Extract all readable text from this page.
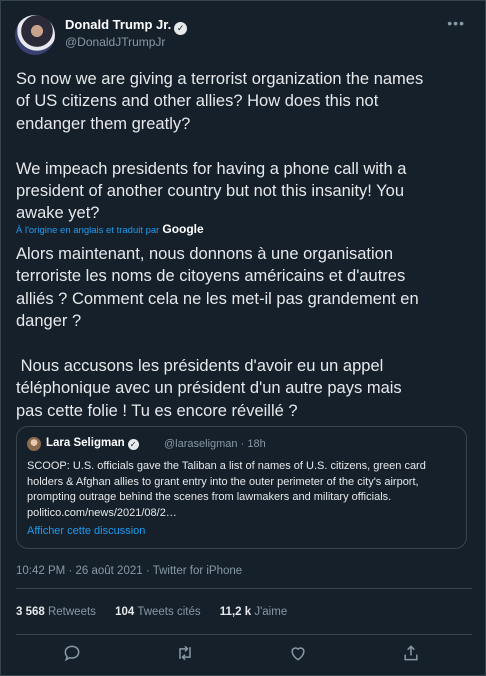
Donald Trump Jr. ✓
@DonaldJTrumpJr
•••
So now we are giving a terrorist organization the names
of US citizens and other allies? How does this not
endanger them greatly?

We impeach presidents for having a phone call with a
president of another country but not this insanity! You
awake yet?
À l'origine en anglais et traduit par Google
Alors maintenant, nous donnons à une organisation
terroriste les noms de citoyens américains et d'autres
alliés ? Comment cela ne les met-il pas grandement en
danger ?

Nous accusons les présidents d'avoir eu un appel
téléphonique avec un président d'un autre pays mais
pas cette folie ! Tu es encore réveillé ?
Lara Seligman ✓	@laraseligman · 18h
SCOOP: U.S. officials gave the Taliban a list of names of U.S. citizens, green card holders & Afghan allies to grant entry into the outer perimeter of the city's airport, prompting outrage behind the scenes from lawmakers and military officials. politico.com/news/2021/08/2…
Afficher cette discussion
10:42 PM · 26 août 2021 · Twitter for iPhone
3 568 Retweets 104 Tweets cités 11,2 k J'aime
